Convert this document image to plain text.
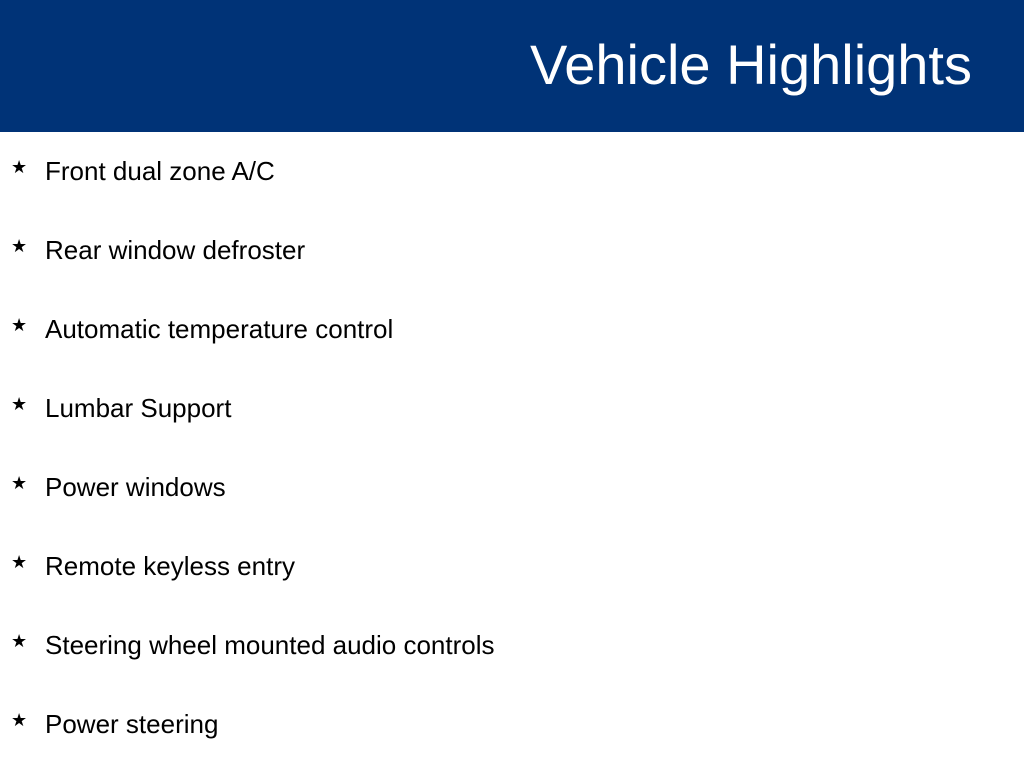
Vehicle Highlights
★ Front dual zone A/C
★ Rear window defroster
★ Automatic temperature control
★ Lumbar Support
★ Power windows
★ Remote keyless entry
★ Steering wheel mounted audio controls
★ Power steering
